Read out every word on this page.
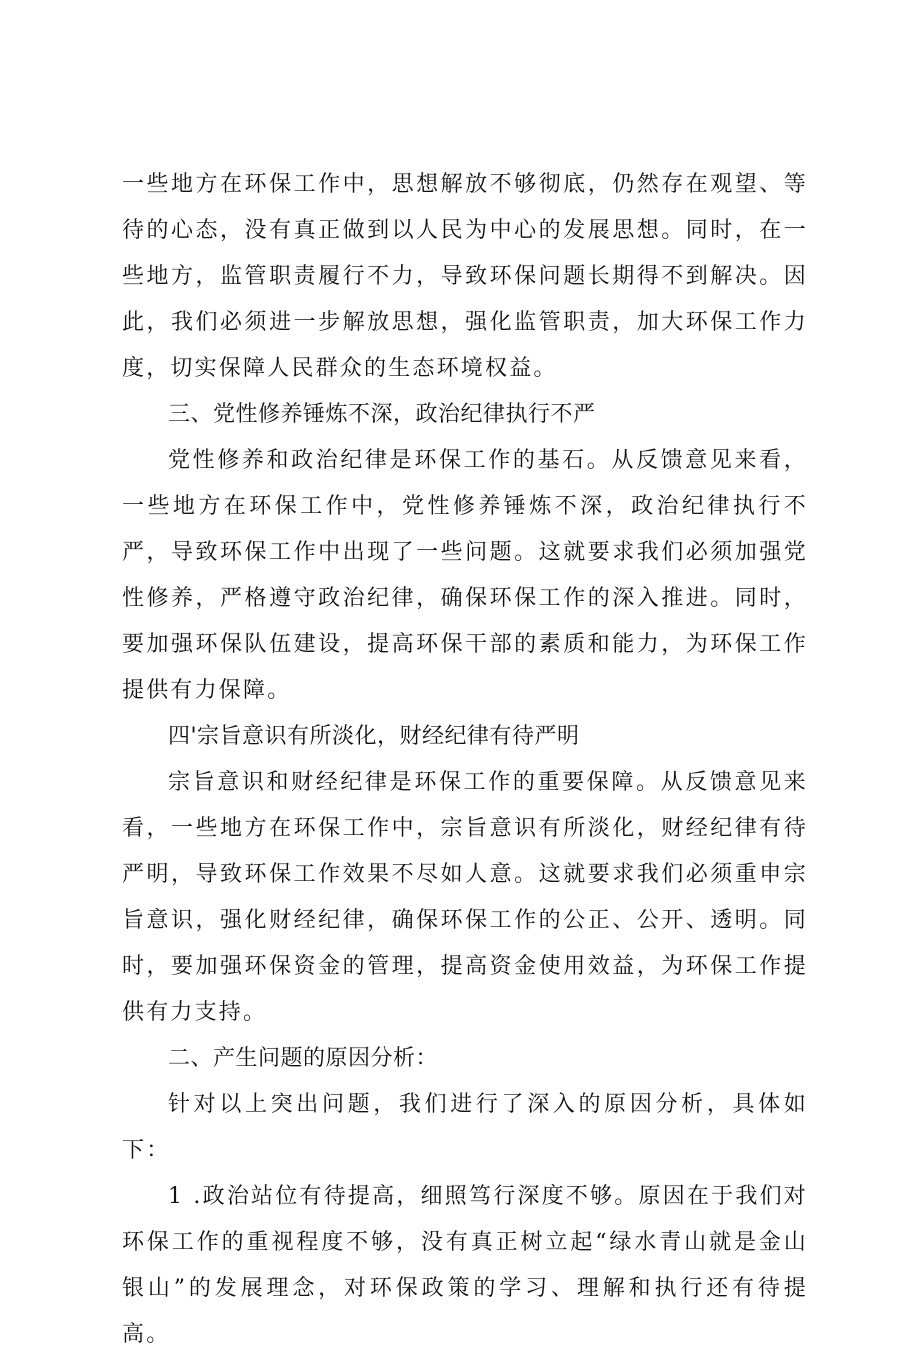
一些地方在环保工作中，思想解放不够彻底，仍然存在观望、等待的心态，没有真正做到以人民为中心的发展思想。同时，在一些地方，监管职责履行不力，导致环保问题长期得不到解决。因此，我们必须进一步解放思想，强化监管职责，加大环保工作力度，切实保障人民群众的生态环境权益。

三、党性修养锤炼不深，政治纪律执行不严

党性修养和政治纪律是环保工作的基石。从反馈意见来看，一些地方在环保工作中，党性修养锤炼不深，政治纪律执行不严，导致环保工作中出现了一些问题。这就要求我们必须加强党性修养，严格遵守政治纪律，确保环保工作的深入推进。同时，要加强环保队伍建设，提高环保干部的素质和能力，为环保工作提供有力保障。

四'宗旨意识有所淡化，财经纪律有待严明

宗旨意识和财经纪律是环保工作的重要保障。从反馈意见来看，一些地方在环保工作中，宗旨意识有所淡化，财经纪律有待严明，导致环保工作效果不尽如人意。这就要求我们必须重申宗旨意识，强化财经纪律，确保环保工作的公正、公开、透明。同时，要加强环保资金的管理，提高资金使用效益，为环保工作提供有力支持。

二、产生问题的原因分析：

针对以上突出问题，我们进行了深入的原因分析，具体如下：

1 .政治站位有待提高，细照笃行深度不够。原因在于我们对环保工作的重视程度不够，没有真正树立起“绿水青山就是金山银山”的发展理念，对环保政策的学习、理解和执行还有待提高。
